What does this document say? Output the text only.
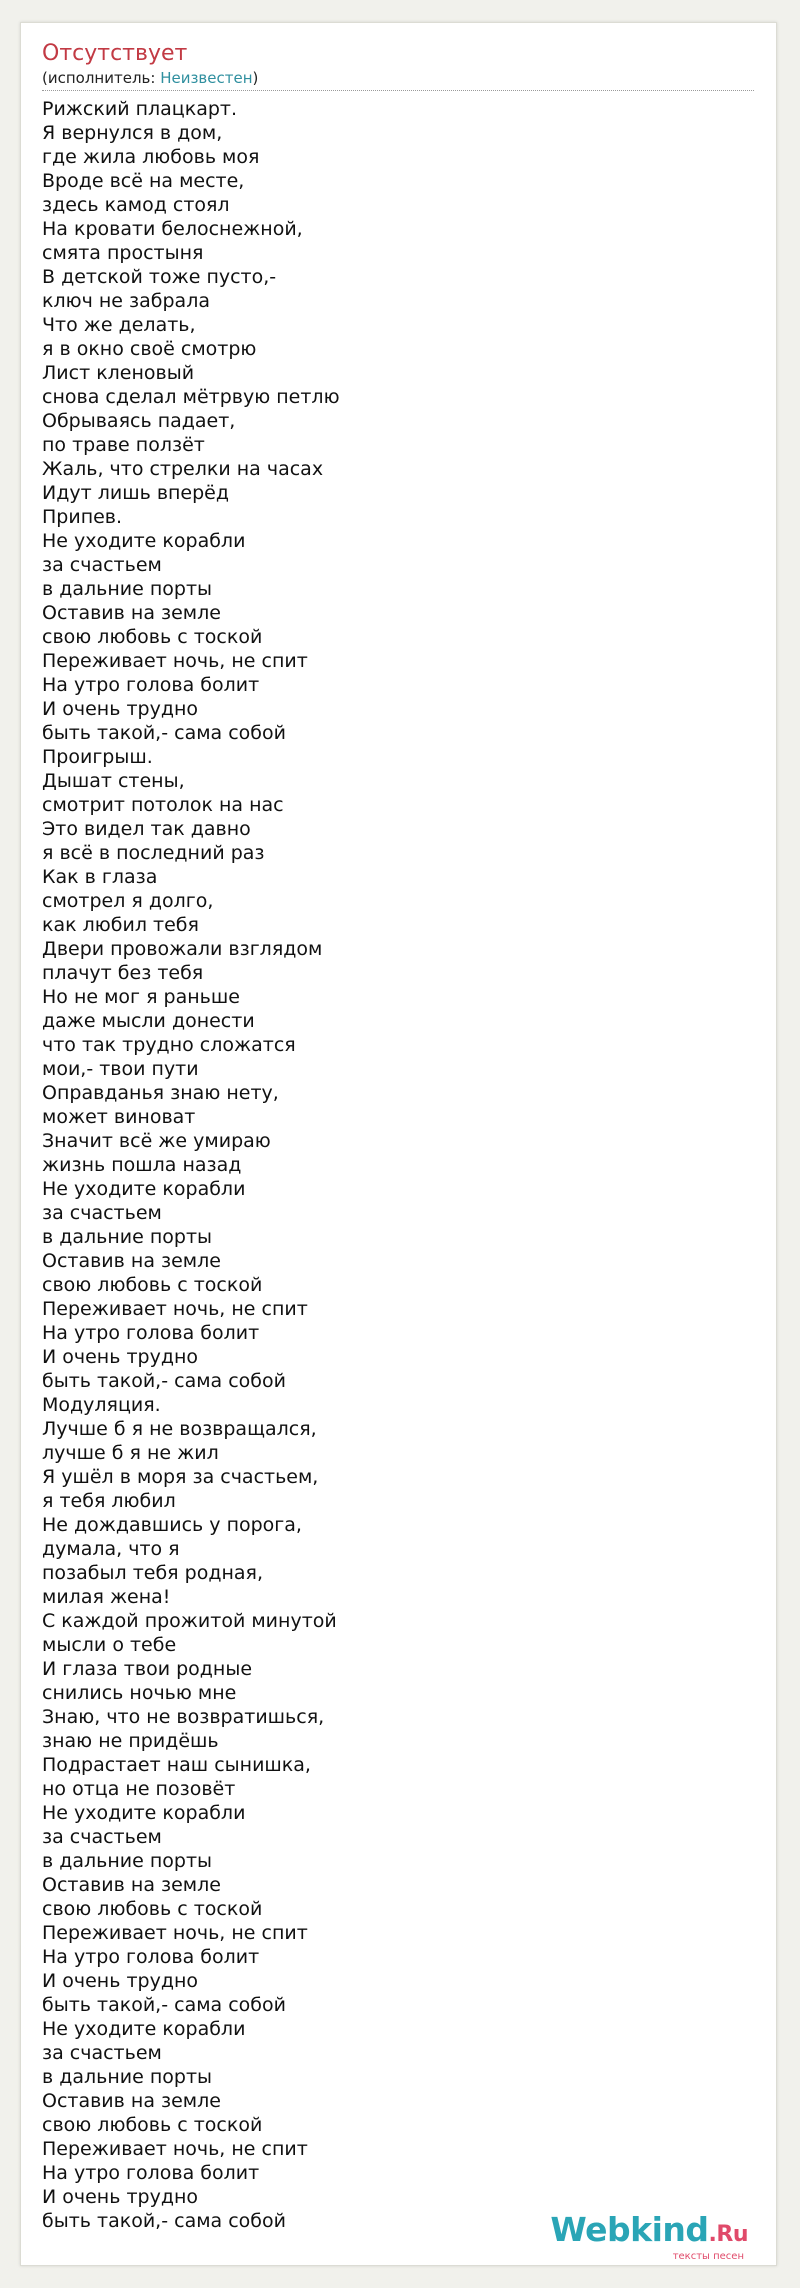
Отсутствует
(исполнитель: Неизвестен)
Рижский плацкарт.
Я вернулся в дом,
где жила любовь моя
Вроде всё на месте,
здесь камод стоял
На кровати белоснежной,
смята простыня
В детской тоже пусто,-
ключ не забрала
Что же делать,
я в окно своё смотрю
Лист кленовый
снова сделал мётрвую петлю
Обрываясь падает,
по траве ползёт
Жаль, что стрелки на часах
Идут лишь вперёд
Припев.
Не уходите корабли
за счастьем
в дальние порты
Оставив на земле
свою любовь с тоской
Переживает ночь, не спит
На утро голова болит
И очень трудно
быть такой,- сама собой
Проигрыш.
Дышат стены,
смотрит потолок на нас
Это видел так давно
я всё в последний раз
Как в глаза
смотрел я долго,
как любил тебя
Двери провожали взглядом
плачут без тебя
Но не мог я раньше
даже мысли донести
что так трудно сложатся
мои,- твои пути
Оправданья знаю нету,
может виноват
Значит всё же умираю
жизнь пошла назад
Не уходите корабли
за счастьем
в дальние порты
Оставив на земле
свою любовь с тоской
Переживает ночь, не спит
На утро голова болит
И очень трудно
быть такой,- сама собой
Модуляция.
Лучше б я не возвращался,
лучше б я не жил
Я ушёл в моря за счастьем,
я тебя любил
Не дождавшись у порога,
думала, что я
позабыл тебя родная,
милая жена!
С каждой прожитой минутой
мысли о тебе
И глаза твои родные
снились ночью мне
Знаю, что не возвратишься,
знаю не придёшь
Подрастает наш сынишка,
но отца не позовёт
Не уходите корабли
за счастьем
в дальние порты
Оставив на земле
свою любовь с тоской
Переживает ночь, не спит
На утро голова болит
И очень трудно
быть такой,- сама собой
Не уходите корабли
за счастьем
в дальние порты
Оставив на земле
свою любовь с тоской
Переживает ночь, не спит
На утро голова болит
И очень трудно
быть такой,- сама собой	Webkind.Ru
тексты песен
